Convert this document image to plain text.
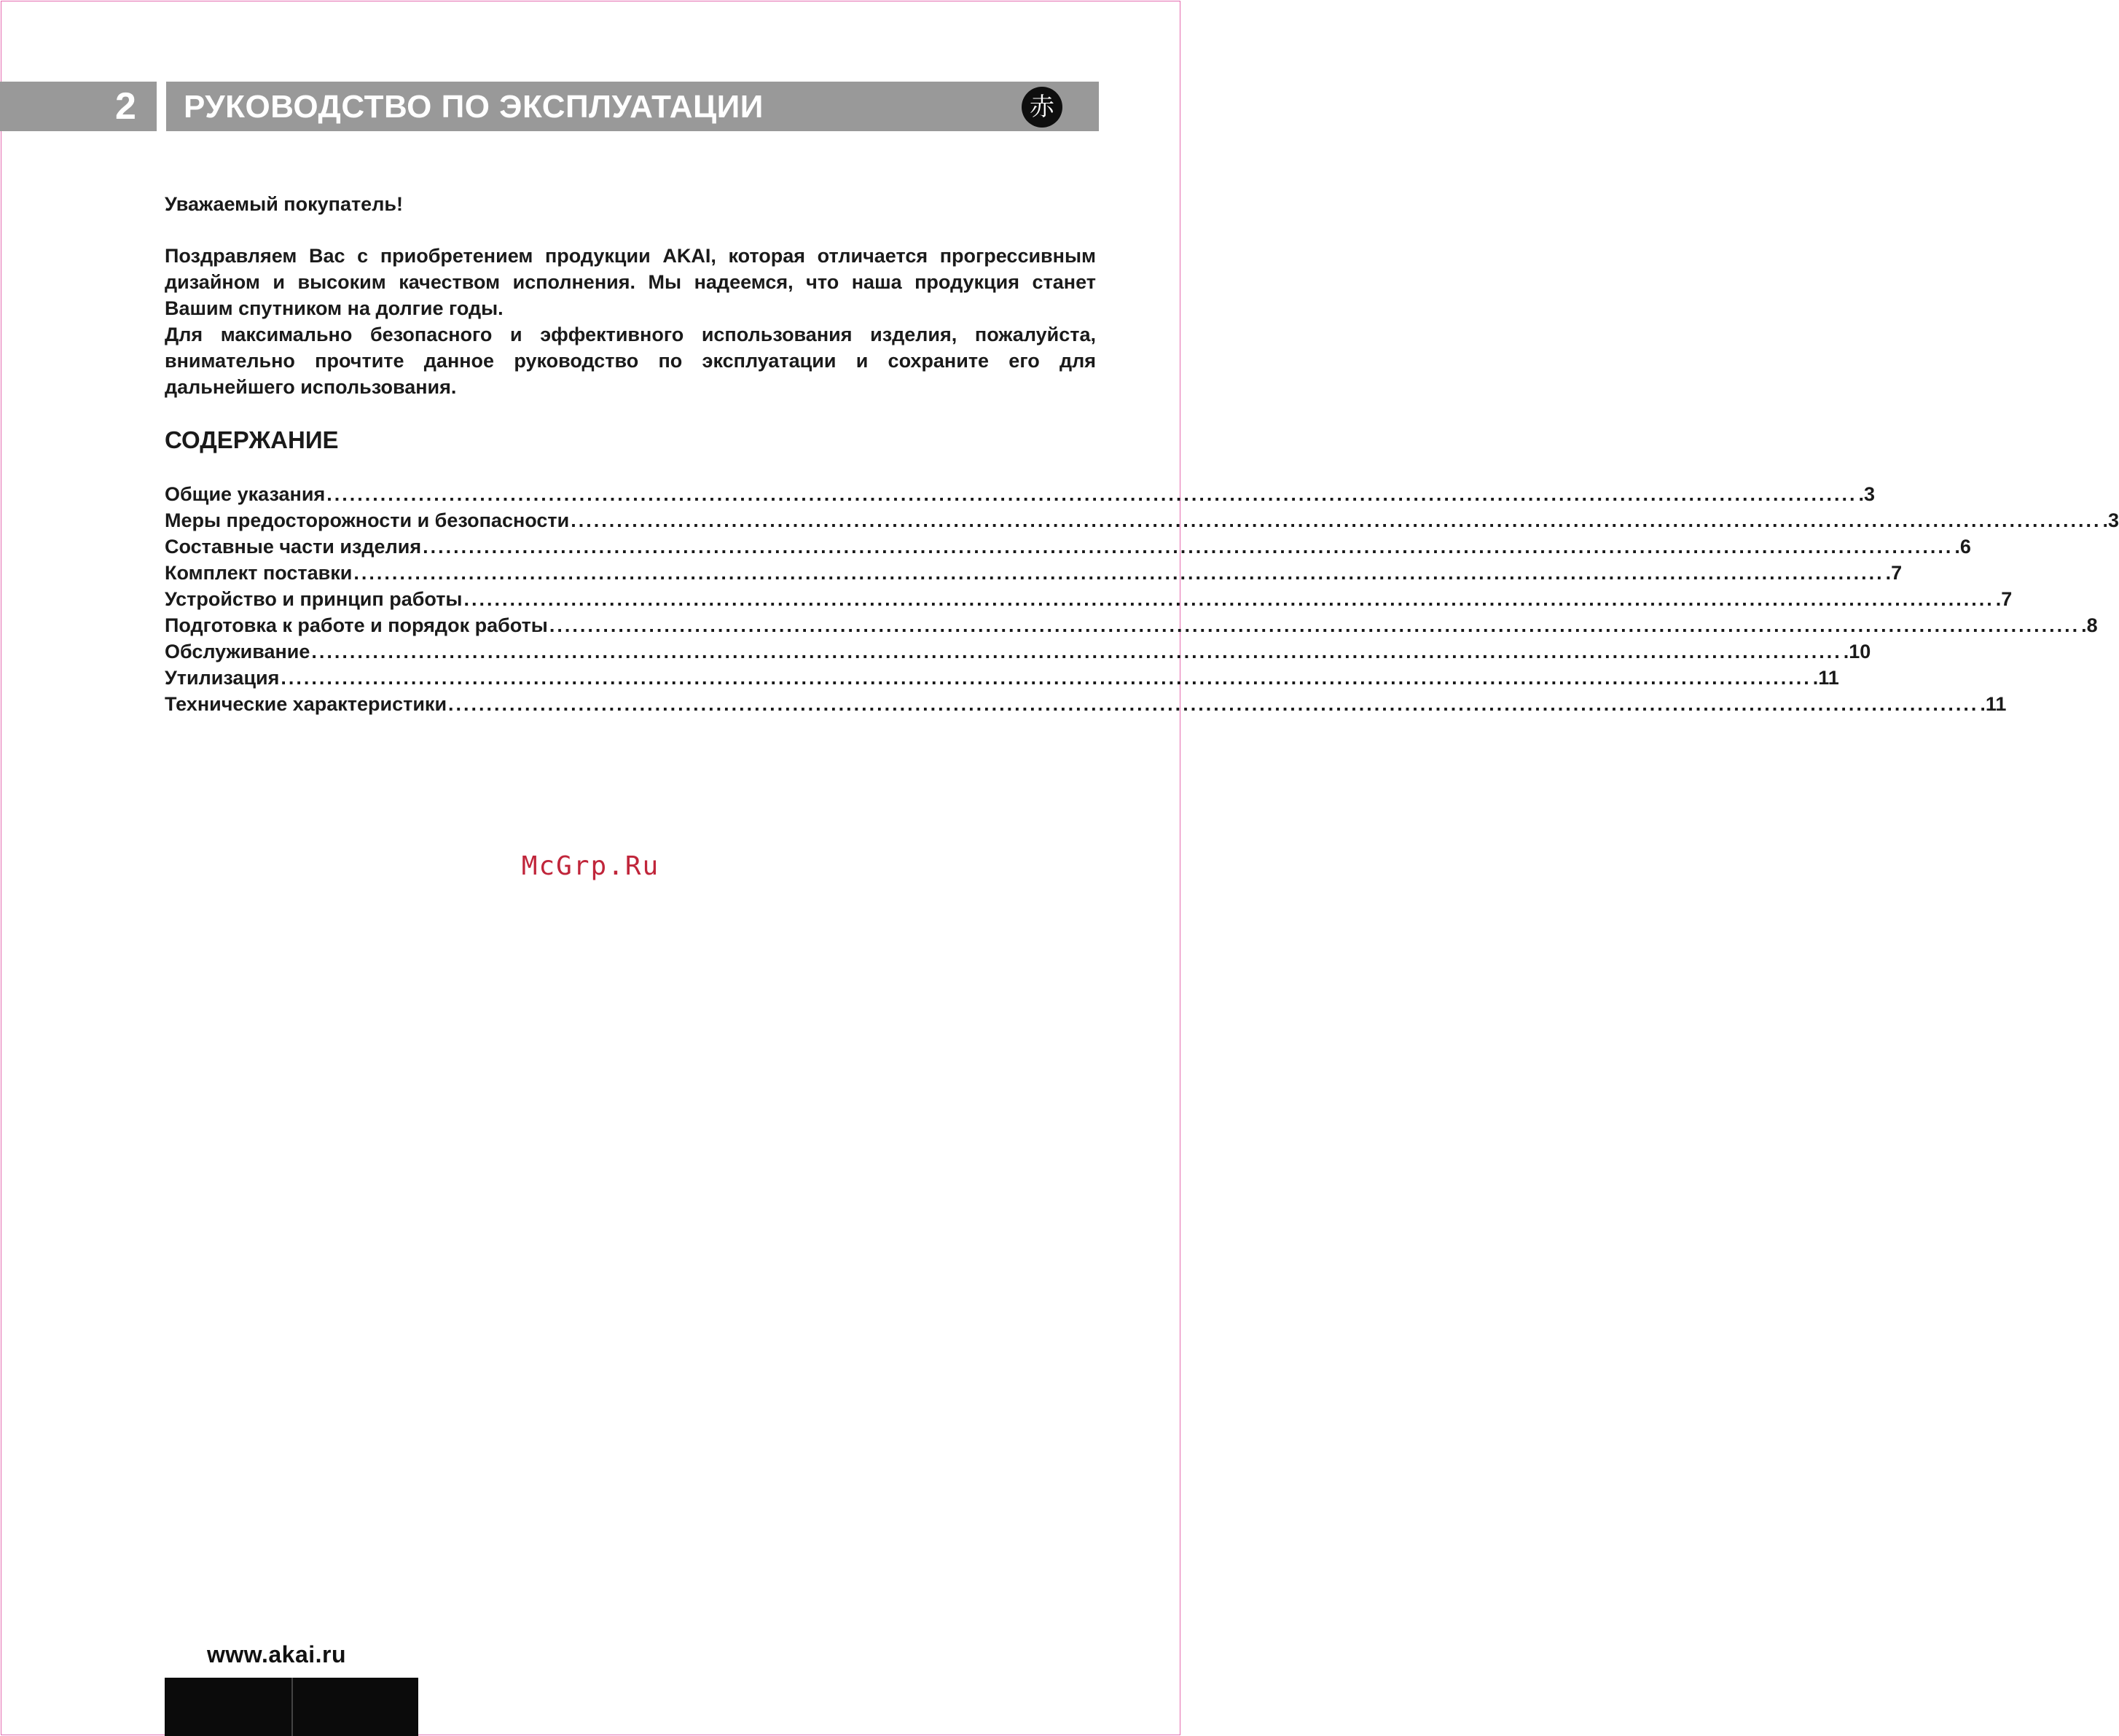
2 РУКОВОДСТВО ПО ЭКСПЛУАТАЦИИ	赤
Уважаемый покупатель!

Поздравляем Вас с приобретением продукции AKAI, которая отличается прогрессивным дизайном и высоким качеством исполнения. Мы надеемся, что наша продукция станет Вашим спутником на долгие годы.

Для максимально безопасного и эффективного использования изделия, пожалуйста, внимательно прочтите данное руководство по эксплуатации и сохраните его для дальнейшего использования.

СОДЕРЖАНИЕ
Общие указания ........................................................................................................................................................................................................ .3
Меры предосторожности и безопасности ........................................................................................................................................................................................................ .3
Составные части изделия ........................................................................................................................................................................................................ .6
Комплект поставки ........................................................................................................................................................................................................ .7
Устройство и принцип работы ........................................................................................................................................................................................................ .7
Подготовка к работе и порядок работы ........................................................................................................................................................................................................ .8
Обслуживание ........................................................................................................................................................................................................ .10
Утилизация ........................................................................................................................................................................................................ .11
Технические характеристики ........................................................................................................................................................................................................ .11
McGrp.Ru
www.akai.ru
